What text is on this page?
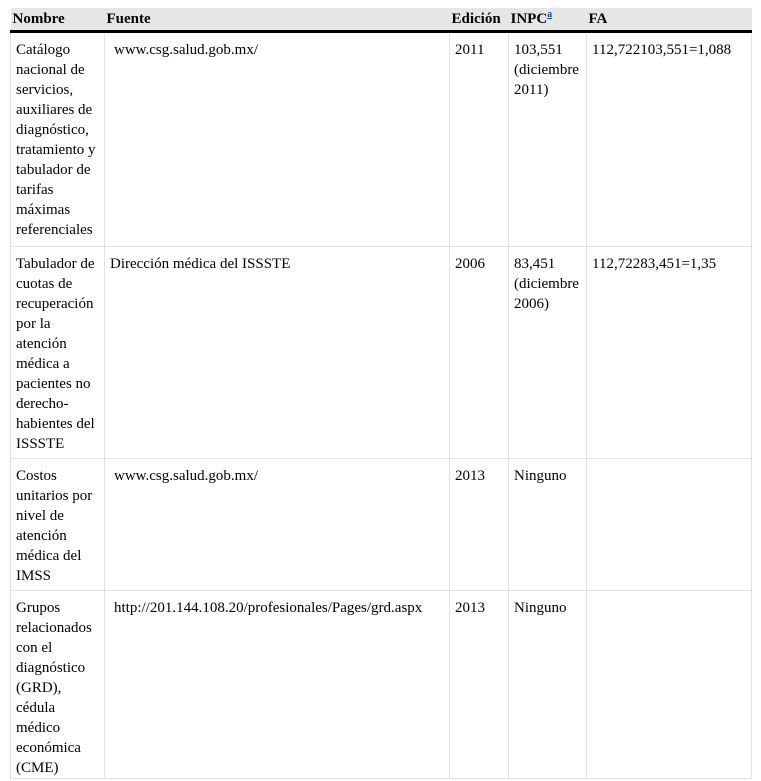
Nombre	Fuente	Edición	INPC$^a$	FA
Catálogo nacional de servicios, auxiliares de diagnóstico, tratamiento y tabulador de tarifas máximas referenciales	www.csg.salud.gob.mx/	2011	103,551 (diciembre 2011)	112,722103,551=1,088
Tabulador de cuotas de recuperación por la atención médica a pacientes no derecho-habientes del ISSSTE	Dirección médica del ISSSTE	2006	83,451 (diciembre 2006)	112,72283,451=1,35
Costos unitarios por nivel de atención médica del IMSS	www.csg.salud.gob.mx/	2013	Ninguno	
Grupos relacionados con el diagnóstico (GRD), cédula médico económica (CME)	http://201.144.108.20/profesionales/Pages/grd.aspx	2013	Ninguno	
